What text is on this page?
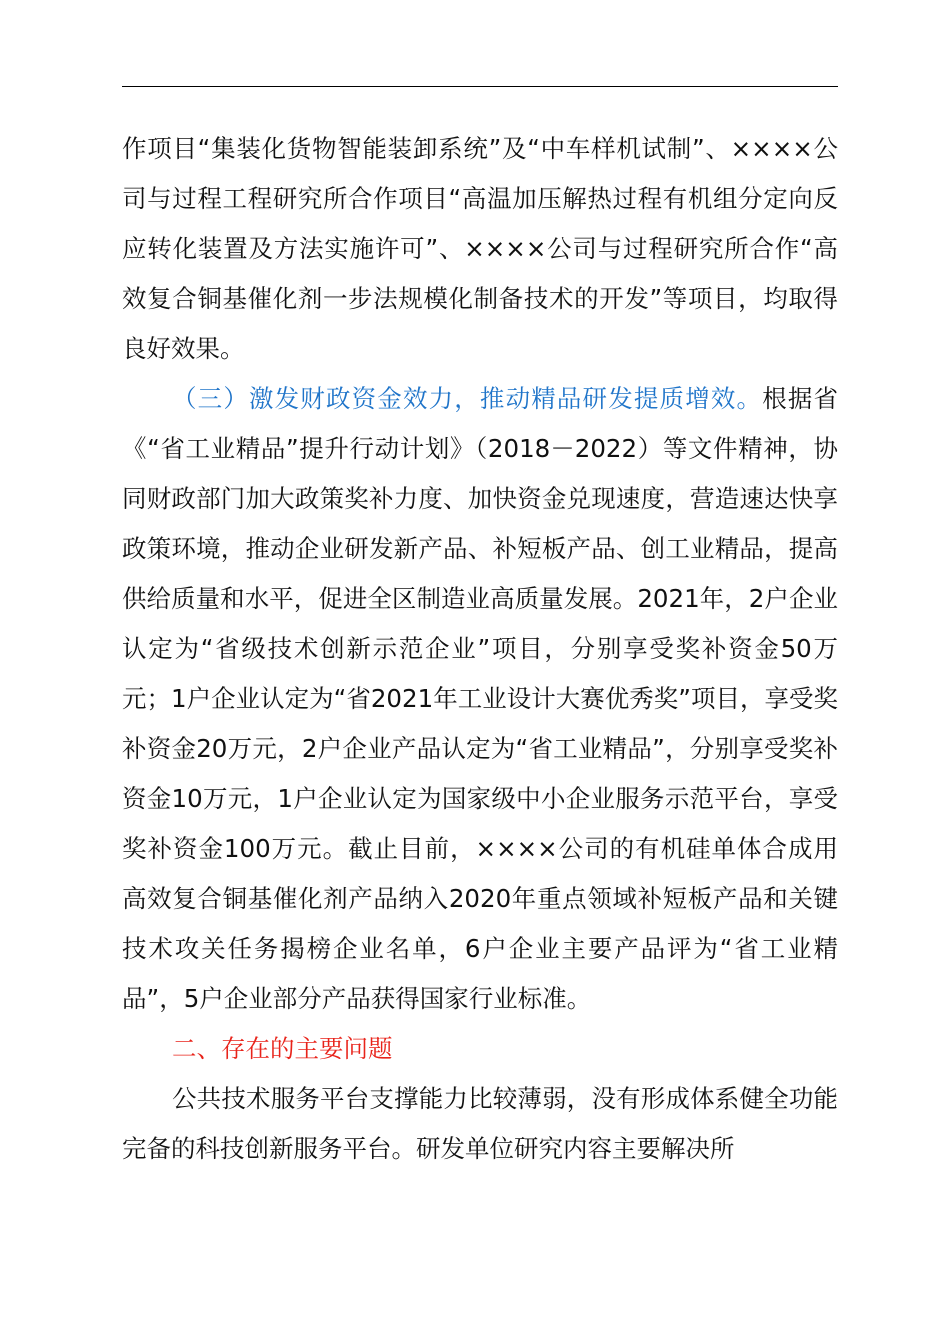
作项目“集装化货物智能装卸系统”及“中车样机试制”、××××公司与过程工程研究所合作项目“高温加压解热过程有机组分定向反应转化装置及方法实施许可”、××××公司与过程研究所合作“高效复合铜基催化剂一步法规模化制备技术的开发”等项目，均取得良好效果。

（三）激发财政资金效力，推动精品研发提质增效。根据省《“省工业精品”提升行动计划》（2018－2022）等文件精神，协同财政部门加大政策奖补力度、加快资金兑现速度，营造速达快享政策环境，推动企业研发新产品、补短板产品、创工业精品，提高供给质量和水平，促进全区制造业高质量发展。2021年，2户企业认定为“省级技术创新示范企业”项目，分别享受奖补资金50万元；1户企业认定为“省2021年工业设计大赛优秀奖”项目，享受奖补资金20万元，2户企业产品认定为“省工业精品”，分别享受奖补资金10万元，1户企业认定为国家级中小企业服务示范平台，享受奖补资金100万元。截止目前，××××公司的有机硅单体合成用高效复合铜基催化剂产品纳入2020年重点领域补短板产品和关键技术攻关任务揭榜企业名单，6户企业主要产品评为“省工业精品”，5户企业部分产品获得国家行业标准。

二、存在的主要问题

公共技术服务平台支撑能力比较薄弱，没有形成体系健全功能完备的科技创新服务平台。研发单位研究内容主要解决所
